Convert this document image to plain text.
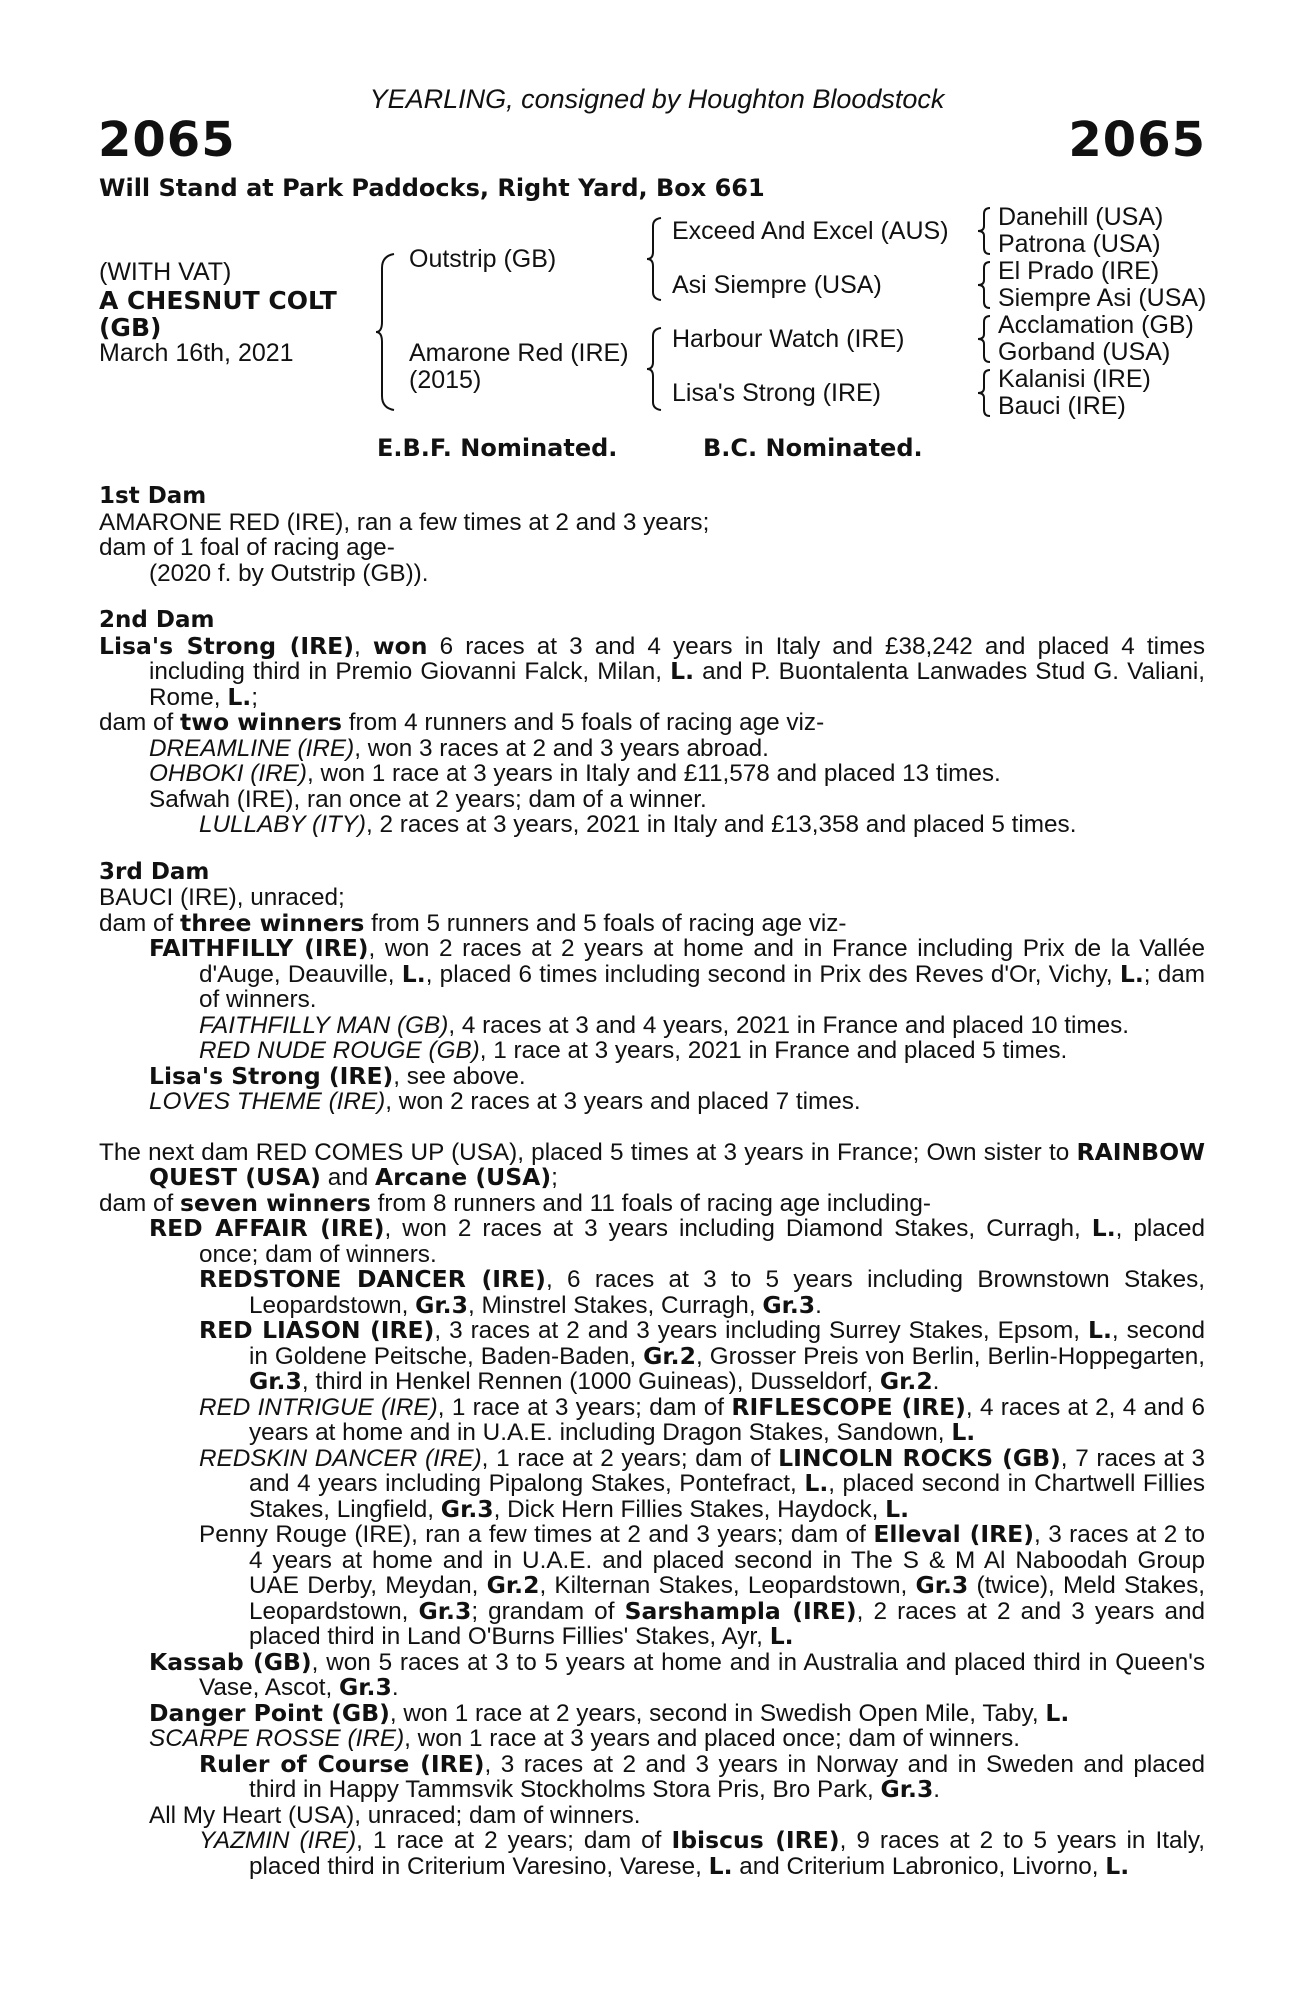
YEARLING, consigned by Houghton Bloodstock
2065	2065
Will Stand at Park Paddocks, Right Yard, Box 661
(WITH VAT)
A CHESNUT COLT
(GB)
March 16th, 2021
Outstrip (GB)
Amarone Red (IRE)
(2015)
Exceed And Excel (AUS)
Asi Siempre (USA)
Harbour Watch (IRE)
Lisa's Strong (IRE)
Danehill (USA)
Patrona (USA)
El Prado (IRE)
Siempre Asi (USA)
Acclamation (GB)
Gorband (USA)
Kalanisi (IRE)
Bauci (IRE)
E.B.F. Nominated.	B.C. Nominated.
1st Dam
AMARONE RED (IRE), ran a few times at 2 and 3 years;
dam of 1 foal of racing age-
(2020 f. by Outstrip (GB)).
2nd Dam
Lisa's Strong (IRE), won 6 races at 3 and 4 years in Italy and £38,242 and placed 4 times including third in Premio Giovanni Falck, Milan, L. and P. Buontalenta Lanwades Stud G. Valiani, Rome, L.;
dam of two winners from 4 runners and 5 foals of racing age viz-
DREAMLINE (IRE), won 3 races at 2 and 3 years abroad.
OHBOKI (IRE), won 1 race at 3 years in Italy and £11,578 and placed 13 times.
Safwah (IRE), ran once at 2 years; dam of a winner.
LULLABY (ITY), 2 races at 3 years, 2021 in Italy and £13,358 and placed 5 times.
3rd Dam
BAUCI (IRE), unraced;
dam of three winners from 5 runners and 5 foals of racing age viz-
FAITHFILLY (IRE), won 2 races at 2 years at home and in France including Prix de la Vallée d'Auge, Deauville, L., placed 6 times including second in Prix des Reves d'Or, Vichy, L.; dam of winners.
FAITHFILLY MAN (GB), 4 races at 3 and 4 years, 2021 in France and placed 10 times.
RED NUDE ROUGE (GB), 1 race at 3 years, 2021 in France and placed 5 times.
Lisa's Strong (IRE), see above.
LOVES THEME (IRE), won 2 races at 3 years and placed 7 times.
The next dam RED COMES UP (USA), placed 5 times at 3 years in France; Own sister to RAINBOW QUEST (USA) and Arcane (USA);
dam of seven winners from 8 runners and 11 foals of racing age including-
RED AFFAIR (IRE), won 2 races at 3 years including Diamond Stakes, Curragh, L., placed once; dam of winners.
REDSTONE DANCER (IRE), 6 races at 3 to 5 years including Brownstown Stakes, Leopardstown, Gr.3, Minstrel Stakes, Curragh, Gr.3.
RED LIASON (IRE), 3 races at 2 and 3 years including Surrey Stakes, Epsom, L., second in Goldene Peitsche, Baden-Baden, Gr.2, Grosser Preis von Berlin, Berlin-Hoppegarten, Gr.3, third in Henkel Rennen (1000 Guineas), Dusseldorf, Gr.2.
RED INTRIGUE (IRE), 1 race at 3 years; dam of RIFLESCOPE (IRE), 4 races at 2, 4 and 6 years at home and in U.A.E. including Dragon Stakes, Sandown, L.
REDSKIN DANCER (IRE), 1 race at 2 years; dam of LINCOLN ROCKS (GB), 7 races at 3 and 4 years including Pipalong Stakes, Pontefract, L., placed second in Chartwell Fillies Stakes, Lingfield, Gr.3, Dick Hern Fillies Stakes, Haydock, L.
Penny Rouge (IRE), ran a few times at 2 and 3 years; dam of Elleval (IRE), 3 races at 2 to 4 years at home and in U.A.E. and placed second in The S & M Al Naboodah Group UAE Derby, Meydan, Gr.2, Kilternan Stakes, Leopardstown, Gr.3 (twice), Meld Stakes, Leopardstown, Gr.3; grandam of Sarshampla (IRE), 2 races at 2 and 3 years and placed third in Land O'Burns Fillies' Stakes, Ayr, L.
Kassab (GB), won 5 races at 3 to 5 years at home and in Australia and placed third in Queen's Vase, Ascot, Gr.3.
Danger Point (GB), won 1 race at 2 years, second in Swedish Open Mile, Taby, L.
SCARPE ROSSE (IRE), won 1 race at 3 years and placed once; dam of winners.
Ruler of Course (IRE), 3 races at 2 and 3 years in Norway and in Sweden and placed third in Happy Tammsvik Stockholms Stora Pris, Bro Park, Gr.3.
All My Heart (USA), unraced; dam of winners.
YAZMIN (IRE), 1 race at 2 years; dam of Ibiscus (IRE), 9 races at 2 to 5 years in Italy, placed third in Criterium Varesino, Varese, L. and Criterium Labronico, Livorno, L.
